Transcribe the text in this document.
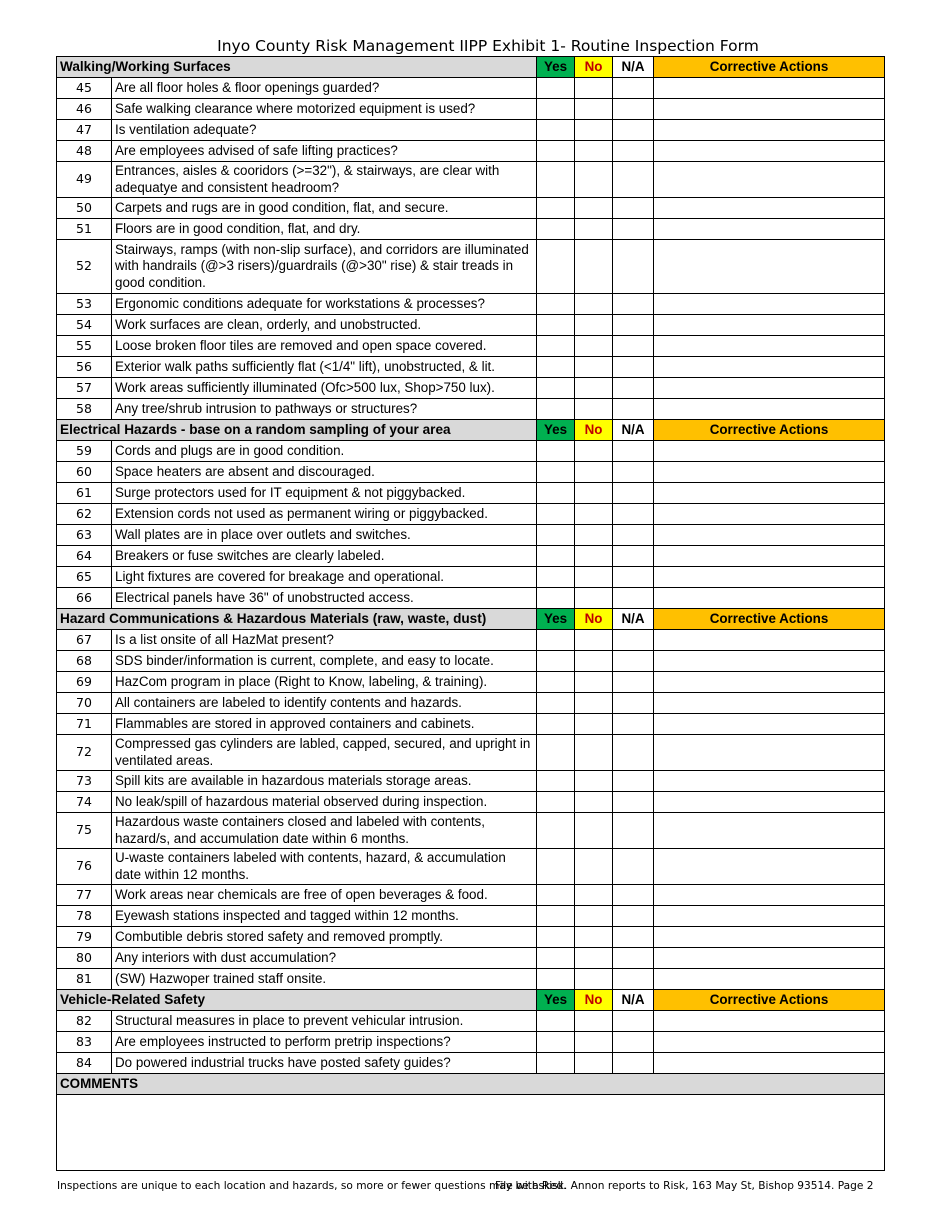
Inyo County Risk Management IIPP Exhibit 1- Routine Inspection Form
Walking/Working Surfaces		Yes	No	N/A	Corrective Actions
45	Are all floor holes & floor openings guarded?				
46	Safe walking clearance where motorized equipment is used?				
47	Is ventilation adequate?				
48	Are employees advised of safe lifting practices?				
49	Entrances, aisles & cooridors (>=32"), & stairways, are clear with adequatye and consistent headroom?				
50	Carpets and rugs are in good condition, flat, and secure.				
51	Floors are in good condition, flat, and dry.				
52	Stairways, ramps (with non-slip surface), and corridors are illuminated with handrails (@>3 risers)/guardrails (@>30" rise) & stair treads in good condition.				
53	Ergonomic conditions adequate for workstations & processes?				
54	Work surfaces are clean, orderly, and unobstructed.				
55	Loose broken floor tiles are removed and open space covered.				
56	Exterior walk paths sufficiently flat (<1/4" lift), unobstructed, & lit.				
57	Work areas sufficiently illuminated (Ofc>500 lux, Shop>750 lux).				
58	Any tree/shrub intrusion to pathways or structures?				
Electrical Hazards - base on a random sampling of your area		Yes	No	N/A	Corrective Actions
59	Cords and plugs are in good condition.				
60	Space heaters are absent and discouraged.				
61	Surge protectors used for IT equipment & not piggybacked.				
62	Extension cords not used as permanent wiring or piggybacked.				
63	Wall plates are in place over outlets and switches.				
64	Breakers or fuse switches are clearly labeled.				
65	Light fixtures are covered for breakage and operational.				
66	Electrical panels have 36" of unobstructed access.				
Hazard Communications & Hazardous Materials (raw, waste, dust)		Yes	No	N/A	Corrective Actions
67	Is a list onsite of all HazMat present?				
68	SDS binder/information is current, complete, and easy to locate.				
69	HazCom program in place (Right to Know, labeling, & training).				
70	All containers are labeled to identify contents and hazards.				
71	Flammables are stored in approved containers and cabinets.				
72	Compressed gas cylinders are labled, capped, secured, and upright in ventilated areas.				
73	Spill kits are available in hazardous materials storage areas.				
74	No leak/spill of hazardous material observed during inspection.				
75	Hazardous waste containers closed and labeled with contents, hazard/s, and accumulation date within 6 months.				
76	U-waste containers labeled with contents, hazard, & accumulation date within 12 months.				
77	Work areas near chemicals are free of open beverages & food.				
78	Eyewash stations inspected and tagged within 12 months.				
79	Combutible debris stored safety and removed promptly.				
80	Any interiors with dust accumulation?				
81	(SW) Hazwoper trained staff onsite.				
Vehicle-Related Safety		Yes	No	N/A	Corrective Actions
82	Structural measures in place to prevent vehicular intrusion.				
83	Are employees instructed to perform pretrip inspections?				
84	Do powered industrial trucks have posted safety guides?				
COMMENTS					

Inspections are unique to each location and hazards, so more or fewer questions may be asked.File with Risk. Annon reports to Risk, 163 May St, Bishop 93514. Page 2
